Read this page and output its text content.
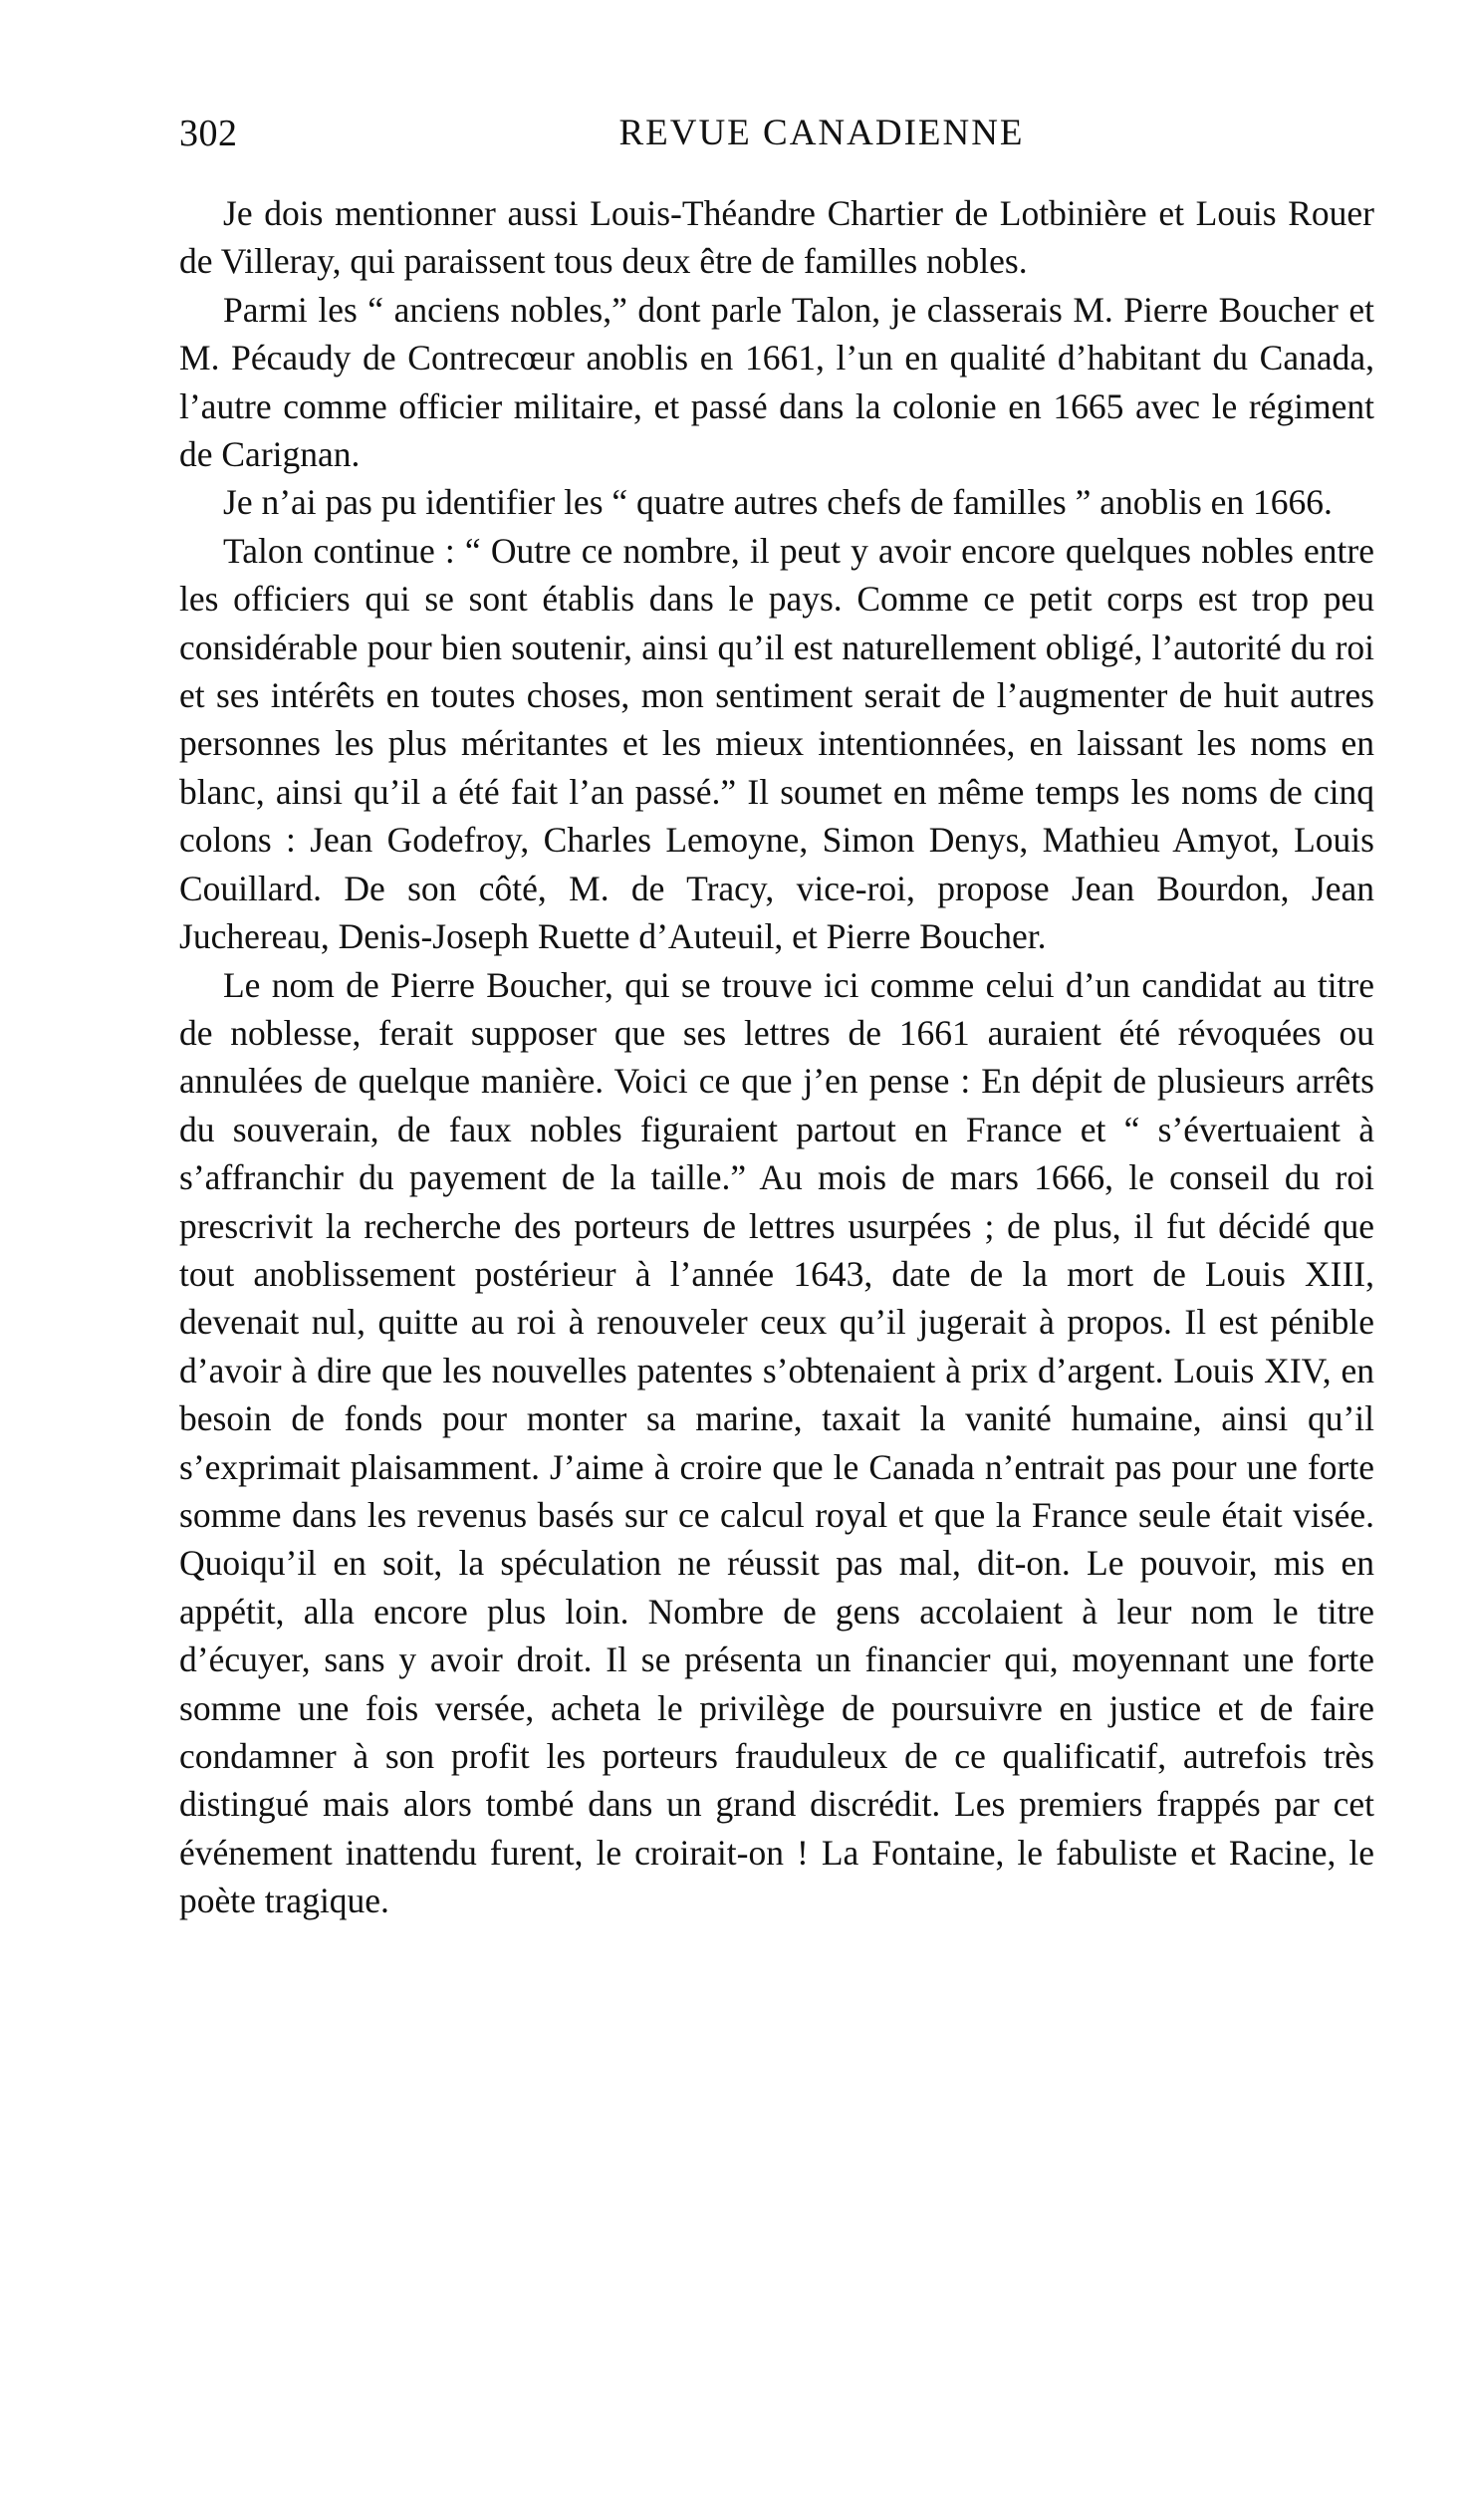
302	REVUE CANADIENNE

Je dois mentionner aussi Louis-Théandre Chartier de Lotbinière et Louis Rouer de Villeray, qui paraissent tous deux être de familles nobles.

Parmi les “ anciens nobles,” dont parle Talon, je classerais M. Pierre Boucher et M. Pécaudy de Contrecœur anoblis en 1661, l’un en qualité d’habitant du Canada, l’autre comme officier militaire, et passé dans la colonie en 1665 avec le régiment de Carignan.

Je n’ai pas pu identifier les “ quatre autres chefs de familles ” anoblis en 1666.

Talon continue : “ Outre ce nombre, il peut y avoir encore quelques nobles entre les officiers qui se sont établis dans le pays. Comme ce petit corps est trop peu considérable pour bien soutenir, ainsi qu’il est naturellement obligé, l’autorité du roi et ses intérêts en toutes choses, mon sentiment serait de l’augmenter de huit autres personnes les plus méritantes et les mieux intentionnées, en laissant les noms en blanc, ainsi qu’il a été fait l’an passé.” Il soumet en même temps les noms de cinq colons : Jean Godefroy, Charles Lemoyne, Simon Denys, Mathieu Amyot, Louis Couillard. De son côté, M. de Tracy, vice-roi, propose Jean Bourdon, Jean Juchereau, Denis-Joseph Ruette d’Auteuil, et Pierre Boucher.

Le nom de Pierre Boucher, qui se trouve ici comme celui d’un candidat au titre de noblesse, ferait supposer que ses lettres de 1661 auraient été révoquées ou annulées de quelque manière. Voici ce que j’en pense : En dépit de plusieurs arrêts du souverain, de faux nobles figuraient partout en France et “ s’évertuaient à s’affranchir du payement de la taille.” Au mois de mars 1666, le conseil du roi prescrivit la recherche des porteurs de lettres usurpées ; de plus, il fut décidé que tout anoblissement postérieur à l’année 1643, date de la mort de Louis XIII, devenait nul, quitte au roi à renouveler ceux qu’il jugerait à propos. Il est pénible d’avoir à dire que les nouvelles patentes s’obtenaient à prix d’argent. Louis XIV, en besoin de fonds pour monter sa marine, taxait la vanité humaine, ainsi qu’il s’exprimait plaisamment. J’aime à croire que le Canada n’entrait pas pour une forte somme dans les revenus basés sur ce calcul royal et que la France seule était visée. Quoiqu’il en soit, la spéculation ne réussit pas mal, dit-on. Le pouvoir, mis en appétit, alla encore plus loin. Nombre de gens accolaient à leur nom le titre d’écuyer, sans y avoir droit. Il se présenta un financier qui, moyennant une forte somme une fois versée, acheta le privilège de poursuivre en justice et de faire condamner à son profit les porteurs frauduleux de ce qualificatif, autrefois très distingué mais alors tombé dans un grand discrédit. Les premiers frappés par cet événement inattendu furent, le croirait-on ! La Fontaine, le fabuliste et Racine, le poète tragique.
